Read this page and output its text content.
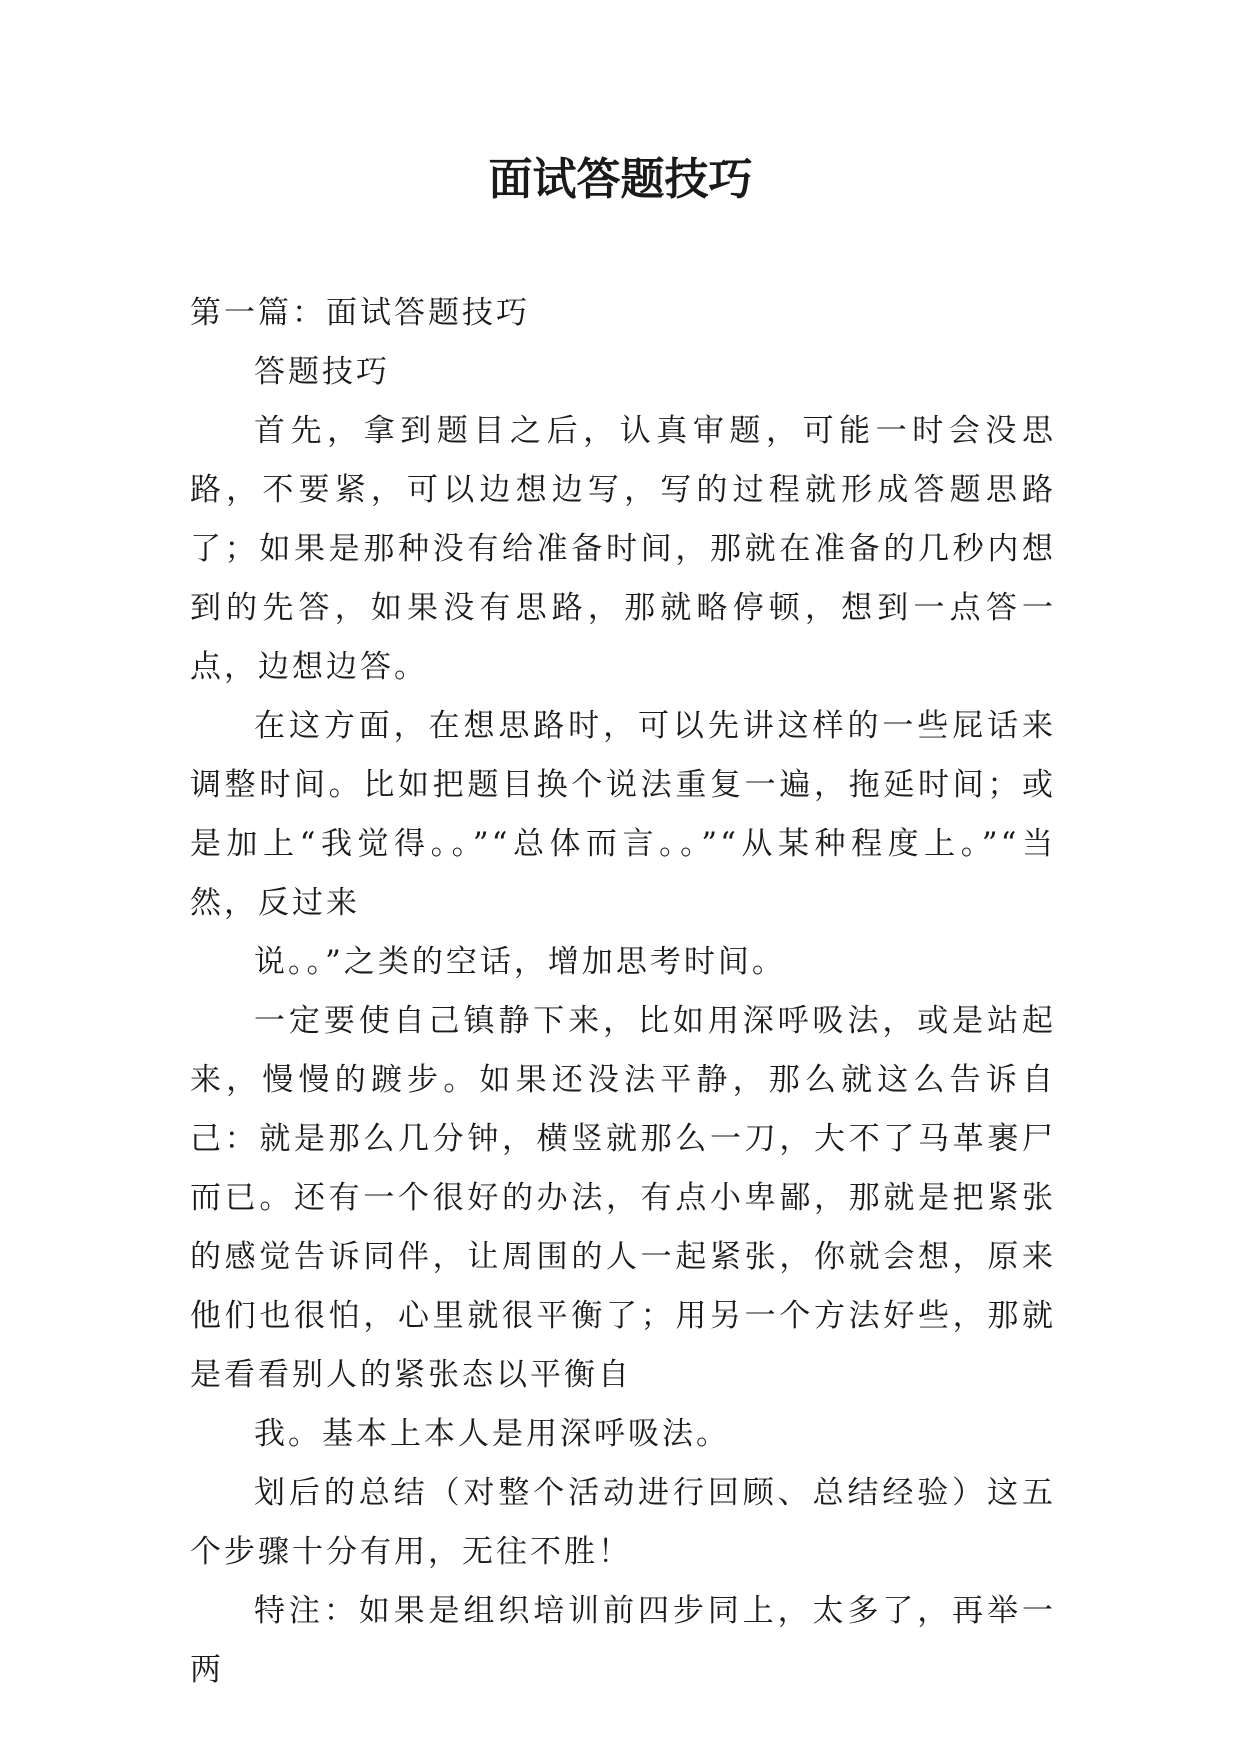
面试答题技巧

第一篇：面试答题技巧

答题技巧

首先，拿到题目之后，认真审题，可能一时会没思路，不要紧，可以边想边写，写的过程就形成答题思路了；如果是那种没有给准备时间，那就在准备的几秒内想到的先答，如果没有思路，那就略停顿，想到一点答一点，边想边答。

在这方面，在想思路时，可以先讲这样的一些屁话来调整时间。比如把题目换个说法重复一遍，拖延时间；或是加上“我觉得。。”“总体而言。。”“从某种程度上。”“当然，反过来

说。。”之类的空话，增加思考时间。

一定要使自己镇静下来，比如用深呼吸法，或是站起来，慢慢的踱步。如果还没法平静，那么就这么告诉自己：就是那么几分钟，横竖就那么一刀，大不了马革裹尸而已。还有一个很好的办法，有点小卑鄙，那就是把紧张的感觉告诉同伴，让周围的人一起紧张，你就会想，原来他们也很怕，心里就很平衡了；用另一个方法好些，那就是看看别人的紧张态以平衡自

我。基本上本人是用深呼吸法。

划后的总结（对整个活动进行回顾、总结经验）这五个步骤十分有用，无往不胜！

特注：如果是组织培训前四步同上，太多了，再举一两
